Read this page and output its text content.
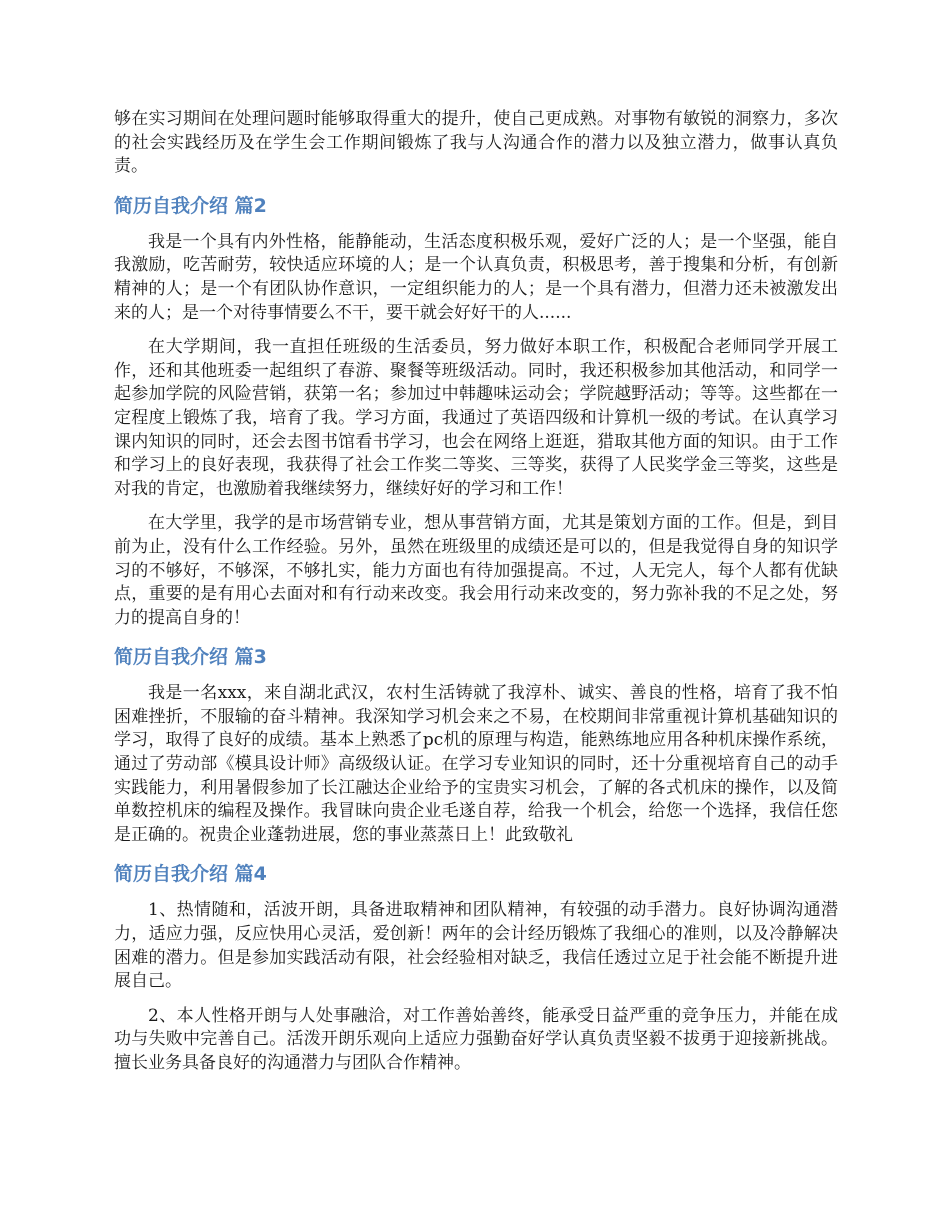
够在实习期间在处理问题时能够取得重大的提升，使自己更成熟。对事物有敏锐的洞察力，多次的社会实践经历及在学生会工作期间锻炼了我与人沟通合作的潜力以及独立潜力，做事认真负责。

简历自我介绍 篇2

我是一个具有内外性格，能静能动，生活态度积极乐观，爱好广泛的人；是一个坚强，能自我激励，吃苦耐劳，较快适应环境的人；是一个认真负责，积极思考，善于搜集和分析，有创新精神的人；是一个有团队协作意识，一定组织能力的人；是一个具有潜力，但潜力还未被激发出来的人；是一个对待事情要么不干，要干就会好好干的人......

在大学期间，我一直担任班级的生活委员，努力做好本职工作，积极配合老师同学开展工作，还和其他班委一起组织了春游、聚餐等班级活动。同时，我还积极参加其他活动，和同学一起参加学院的风险营销，获第一名；参加过中韩趣味运动会；学院越野活动；等等。这些都在一定程度上锻炼了我，培育了我。学习方面，我通过了英语四级和计算机一级的考试。在认真学习课内知识的同时，还会去图书馆看书学习，也会在网络上逛逛，猎取其他方面的知识。由于工作和学习上的良好表现，我获得了社会工作奖二等奖、三等奖，获得了人民奖学金三等奖，这些是对我的肯定，也激励着我继续努力，继续好好的学习和工作！

在大学里，我学的是市场营销专业，想从事营销方面，尤其是策划方面的工作。但是，到目前为止，没有什么工作经验。另外，虽然在班级里的成绩还是可以的，但是我觉得自身的知识学习的不够好，不够深，不够扎实，能力方面也有待加强提高。不过，人无完人，每个人都有优缺点，重要的是有用心去面对和有行动来改变。我会用行动来改变的，努力弥补我的不足之处，努力的提高自身的！

简历自我介绍 篇3

我是一名xxx，来自湖北武汉，农村生活铸就了我淳朴、诚实、善良的性格，培育了我不怕困难挫折，不服输的奋斗精神。我深知学习机会来之不易，在校期间非常重视计算机基础知识的学习，取得了良好的成绩。基本上熟悉了pc机的原理与构造，能熟练地应用各种机床操作系统，通过了劳动部《模具设计师》高级级认证。在学习专业知识的同时，还十分重视培育自己的动手实践能力，利用暑假参加了长江融达企业给予的宝贵实习机会，了解的各式机床的操作，以及简单数控机床的编程及操作。我冒昧向贵企业毛遂自荐，给我一个机会，给您一个选择，我信任您是正确的。祝贵企业蓬勃进展，您的事业蒸蒸日上！此致敬礼

简历自我介绍 篇4

1、热情随和，活波开朗，具备进取精神和团队精神，有较强的动手潜力。良好协调沟通潜力，适应力强，反应快用心灵活，爱创新！两年的会计经历锻炼了我细心的准则，以及冷静解决困难的潜力。但是参加实践活动有限，社会经验相对缺乏，我信任透过立足于社会能不断提升进展自己。

2、本人性格开朗与人处事融洽，对工作善始善终，能承受日益严重的竞争压力，并能在成功与失败中完善自己。活泼开朗乐观向上适应力强勤奋好学认真负责坚毅不拔勇于迎接新挑战。擅长业务具备良好的沟通潜力与团队合作精神。
